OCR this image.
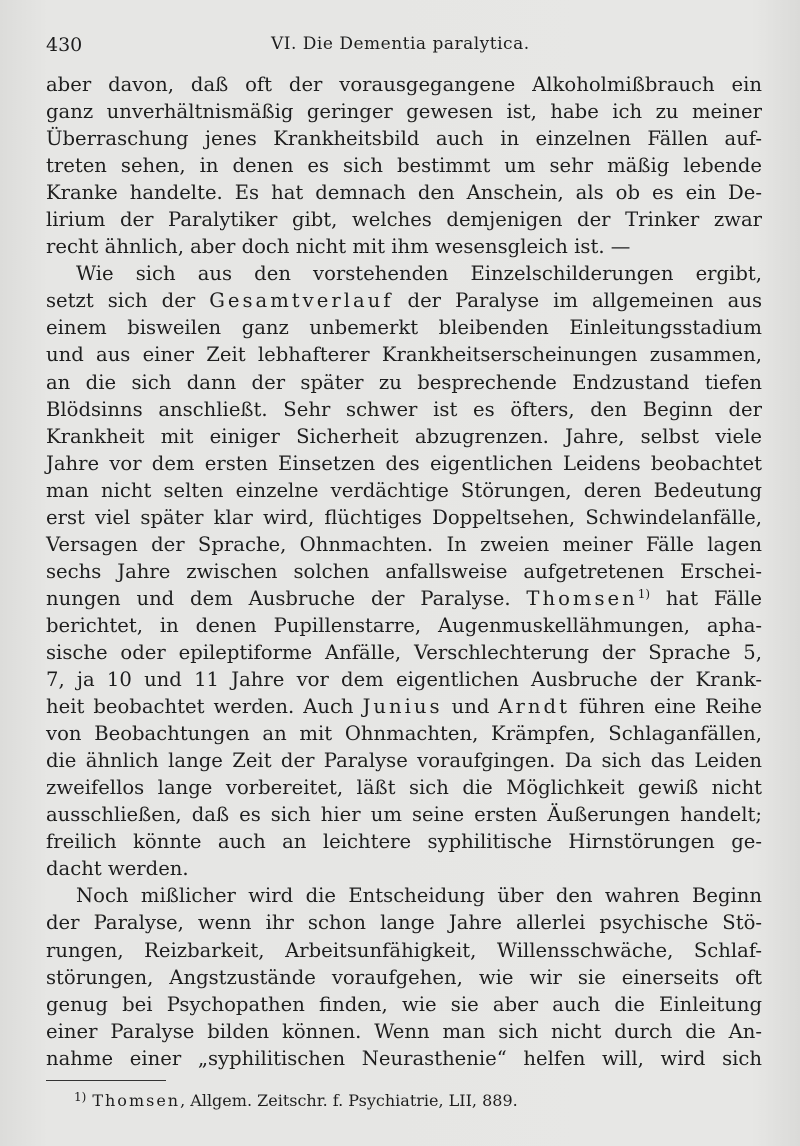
430	VI. Die Dementia paralytica.
aber davon, daß oft der vorausgegangene Alkoholmißbrauch ein
ganz unverhältnismäßig geringer gewesen ist, habe ich zu meiner
Überraschung jenes Krankheitsbild auch in einzelnen Fällen auf-
treten sehen, in denen es sich bestimmt um sehr mäßig lebende
Kranke handelte. Es hat demnach den Anschein, als ob es ein De-
lirium der Paralytiker gibt, welches demjenigen der Trinker zwar
recht ähnlich, aber doch nicht mit ihm wesensgleich ist. —
Wie sich aus den vorstehenden Einzelschilderungen ergibt,
setzt sich der Gesamtverlauf der Paralyse im allgemeinen aus
einem bisweilen ganz unbemerkt bleibenden Einleitungsstadium
und aus einer Zeit lebhafterer Krankheitserscheinungen zusammen,
an die sich dann der später zu besprechende Endzustand tiefen
Blödsinns anschließt. Sehr schwer ist es öfters, den Beginn der
Krankheit mit einiger Sicherheit abzugrenzen. Jahre, selbst viele
Jahre vor dem ersten Einsetzen des eigentlichen Leidens beobachtet
man nicht selten einzelne verdächtige Störungen, deren Bedeutung
erst viel später klar wird, flüchtiges Doppeltsehen, Schwindelanfälle,
Versagen der Sprache, Ohnmachten. In zweien meiner Fälle lagen
sechs Jahre zwischen solchen anfallsweise aufgetretenen Erschei-
nungen und dem Ausbruche der Paralyse. Thomsen$^{1)}$ hat Fälle
berichtet, in denen Pupillenstarre, Augenmuskellähmungen, apha-
sische oder epileptiforme Anfälle, Verschlechterung der Sprache 5,
7, ja 10 und 11 Jahre vor dem eigentlichen Ausbruche der Krank-
heit beobachtet werden. Auch Junius und Arndt führen eine Reihe
von Beobachtungen an mit Ohnmachten, Krämpfen, Schlaganfällen,
die ähnlich lange Zeit der Paralyse voraufgingen. Da sich das Leiden
zweifellos lange vorbereitet, läßt sich die Möglichkeit gewiß nicht
ausschließen, daß es sich hier um seine ersten Äußerungen handelt;
freilich könnte auch an leichtere syphilitische Hirnstörungen ge-
dacht werden.
Noch mißlicher wird die Entscheidung über den wahren Beginn
der Paralyse, wenn ihr schon lange Jahre allerlei psychische Stö-
rungen, Reizbarkeit, Arbeitsunfähigkeit, Willensschwäche, Schlaf-
störungen, Angstzustände voraufgehen, wie wir sie einerseits oft
genug bei Psychopathen finden, wie sie aber auch die Einleitung
einer Paralyse bilden können. Wenn man sich nicht durch die An-
nahme einer „syphilitischen Neurasthenie“ helfen will, wird sich
$^{1)}$ Thomsen, Allgem. Zeitschr. f. Psychiatrie, LII, 889.
